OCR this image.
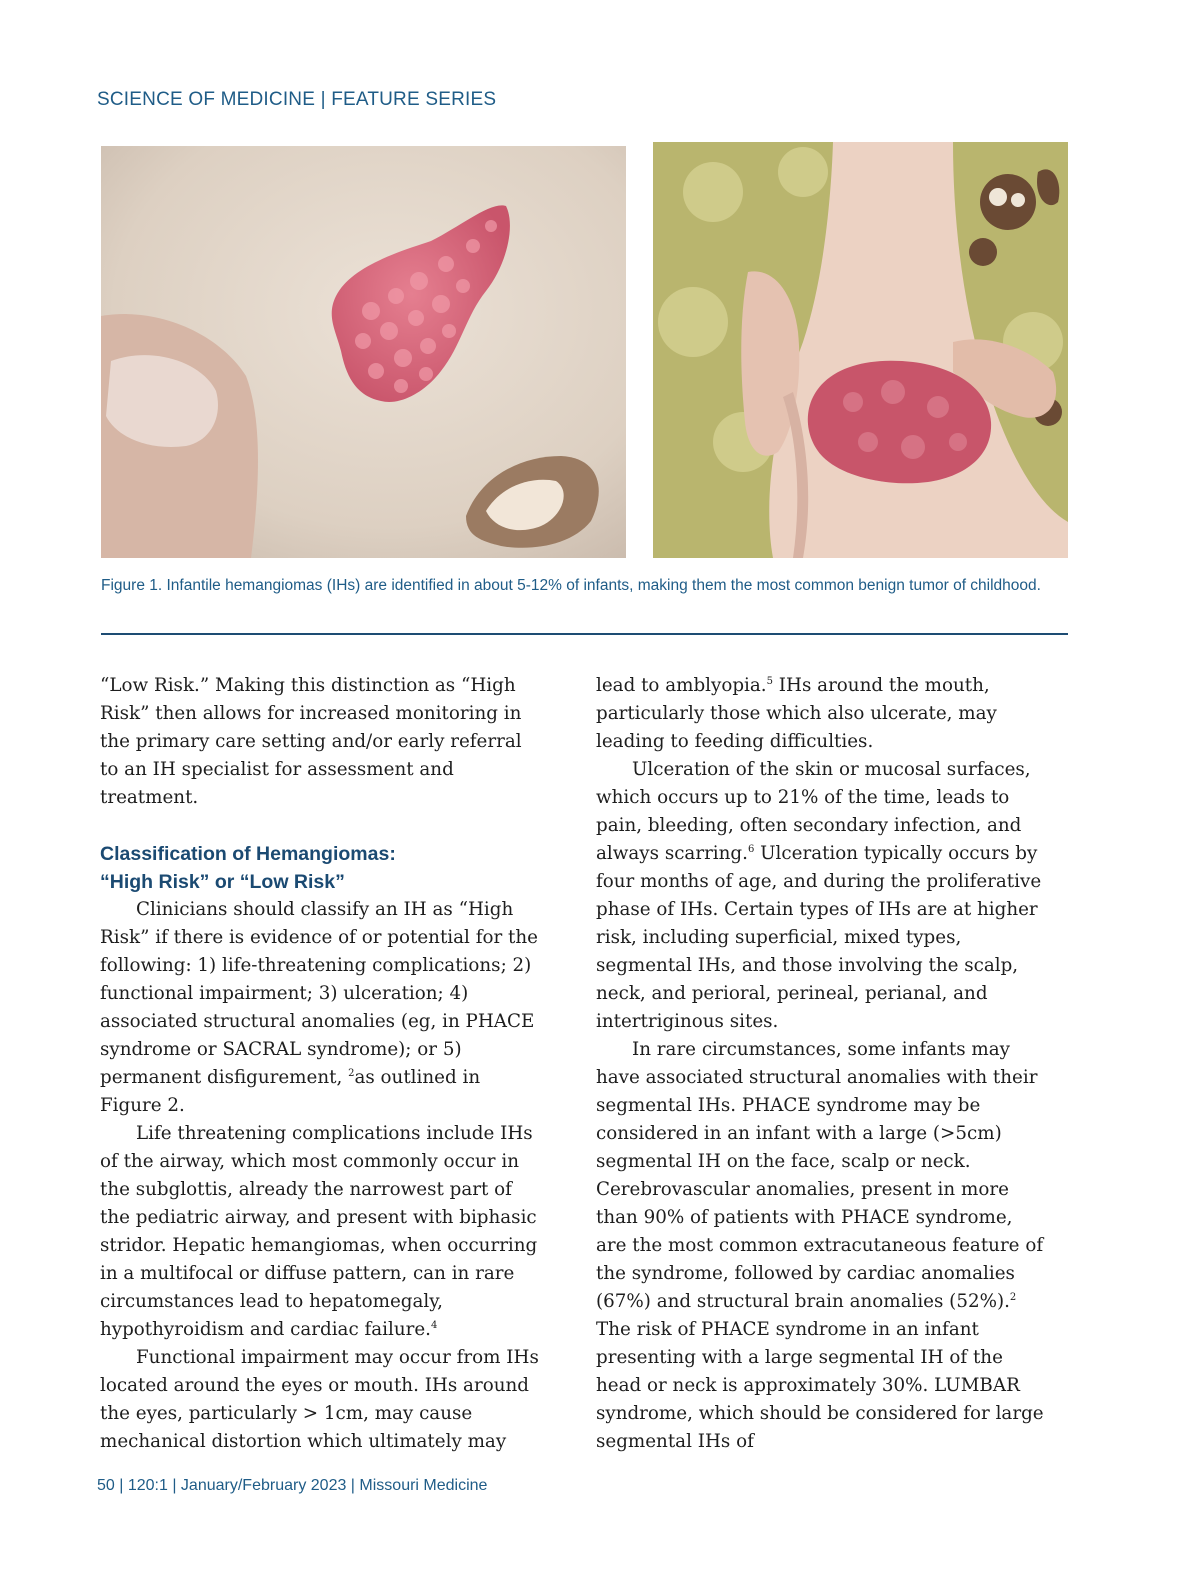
SCIENCE OF MEDICINE | FEATURE SERIES
Figure 1. Infantile hemangiomas (IHs) are identified in about 5-12% of infants, making them the most common benign tumor of childhood.

“Low Risk.” Making this distinction as “High Risk” then allows for increased monitoring in the primary care setting and/or early referral to an IH specialist for assessment and treatment.

Classification of Hemangiomas:
“High Risk” or “Low Risk”

Clinicians should classify an IH as “High Risk” if there is evidence of or potential for the following: 1) life-threatening complications; 2) functional impairment; 3) ulceration; 4) associated structural anomalies (eg, in PHACE syndrome or SACRAL syndrome); or 5) permanent disfigurement, $^2$as outlined in Figure 2.

Life threatening complications include IHs of the airway, which most commonly occur in the subglottis, already the narrowest part of the pediatric airway, and present with biphasic stridor. Hepatic hemangiomas, when occurring in a multifocal or diffuse pattern, can in rare circumstances lead to hepatomegaly, hypothyroidism and cardiac failure.$^4$

Functional impairment may occur from IHs located around the eyes or mouth. IHs around the eyes, particularly > 1cm, may cause mechanical distortion which ultimately may

lead to amblyopia.$^5$ IHs around the mouth, particularly those which also ulcerate, may leading to feeding difficulties.

Ulceration of the skin or mucosal surfaces, which occurs up to 21% of the time, leads to pain, bleeding, often secondary infection, and always scarring.$^6$ Ulceration typically occurs by four months of age, and during the proliferative phase of IHs. Certain types of IHs are at higher risk, including superficial, mixed types, segmental IHs, and those involving the scalp, neck, and perioral, perineal, perianal, and intertriginous sites.

In rare circumstances, some infants may have associated structural anomalies with their segmental IHs. PHACE syndrome may be considered in an infant with a large (>5cm) segmental IH on the face, scalp or neck. Cerebrovascular anomalies, present in more than 90% of patients with PHACE syndrome, are the most common extracutaneous feature of the syndrome, followed by cardiac anomalies (67%) and structural brain anomalies (52%).$^2$ The risk of PHACE syndrome in an infant presenting with a large segmental IH of the head or neck is approximately 30%. LUMBAR syndrome, which should be considered for large segmental IHs of

50 | 120:1 | January/February 2023 | Missouri Medicine
